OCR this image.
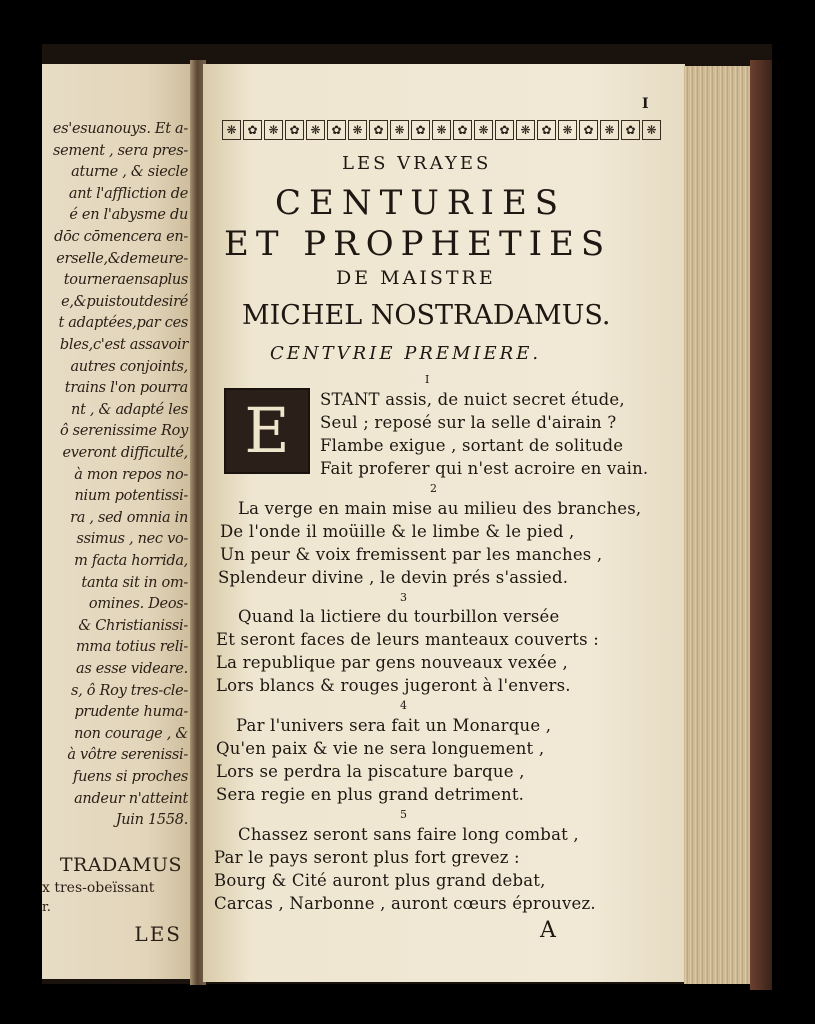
es'esuanouys. Et a-
sement , sera pres-
aturne , & siecle
ant l'affliction de
é en l'abysme du
dōc cōmencera en-
erselle,&demeure-
tourneraensaplus
e,&puistoutdesiré
t adaptées,par ces
bles,c'est assavoir
autres conjoints,
trains l'on pourra
nt , & adapté les
ô serenissime Roy
everont difficulté,
à mon repos no-
nium potentissi-
ra , sed omnia in
ssimus , nec vo-
m facta horrida,
tanta sit in om-
omines. Deos-
& Christianissi-
mma totius reli-
as esse videare.
s, ô Roy tres-cle-
prudente huma-
non courage , &
à vôtre serenissi-
fuens si proches
andeur n'atteint
Juin 1558.
TRADAMUS
x tres-obeïssant
r.
LES
I
❋ ✿ ❋ ✿ ❋ ✿ ❋ ✿ ❋ ✿ ❋ ✿ ❋ ✿ ❋ ✿ ❋ ✿ ❋ ✿ ❋
LES VRAYES
CENTURIES
ET PROPHETIES
DE MAISTRE
MICHEL NOSTRADAMUS.
CENTVRIE PREMIERE.
E
I
STANT assis, de nuict secret étude,
Seul ; reposé sur la selle d'airain ?
Flambe exigue , sortant de solitude
Fait proferer qui n'est acroire en vain.
2
La verge en main mise au milieu des branches,
De l'onde il moüille & le limbe & le pied ,
Un peur & voix fremissent par les manches ,
Splendeur divine , le devin prés s'assied.
3
Quand la lictiere du tourbillon versée
Et seront faces de leurs manteaux couverts :
La republique par gens nouveaux vexée ,
Lors blancs & rouges jugeront à l'envers.
4
Par l'univers sera fait un Monarque ,
Qu'en paix & vie ne sera longuement ,
Lors se perdra la piscature barque ,
Sera regie en plus grand detriment.
5
Chassez seront sans faire long combat ,
Par le pays seront plus fort grevez :
Bourg & Cité auront plus grand debat,
Carcas , Narbonne , auront cœurs éprouvez.
A
